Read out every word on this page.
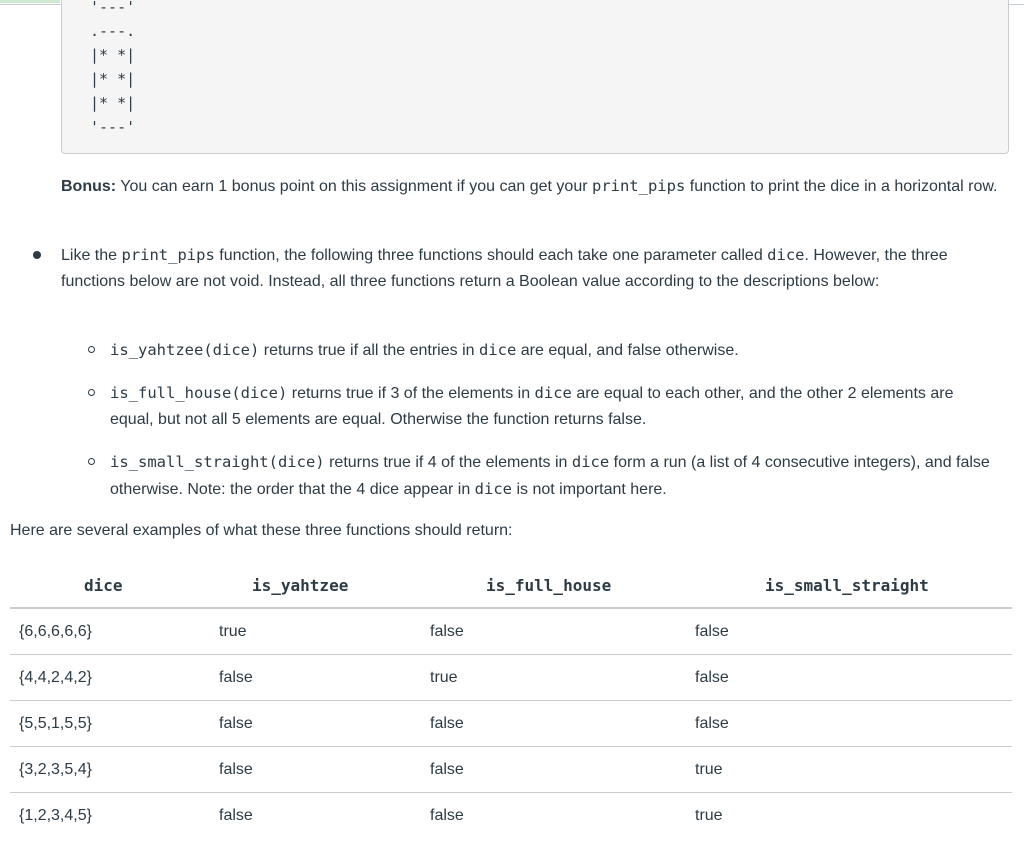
'---'
.---.
|* *|
|* *|
|* *|
'---'

Bonus: You can earn 1 bonus point on this assignment if you can get your print_pips function to print the dice in a horizontal row.

Like the print_pips function, the following three functions should each take one parameter called dice. However, the three functions below are not void. Instead, all three functions return a Boolean value according to the descriptions below:
is_yahtzee(dice) returns true if all the entries in dice are equal, and false otherwise.
is_full_house(dice) returns true if 3 of the elements in dice are equal to each other, and the other 2 elements are equal, but not all 5 elements are equal. Otherwise the function returns false.
is_small_straight(dice) returns true if 4 of the elements in dice form a run (a list of 4 consecutive integers), and false otherwise. Note: the order that the 4 dice appear in dice is not important here.

Here are several examples of what these three functions should return:

dice	is_yahtzee	is_full_house	is_small_straight
{6,6,6,6,6}	true	false	false
{4,4,2,4,2}	false	true	false
{5,5,1,5,5}	false	false	false
{3,2,3,5,4}	false	false	true
{1,2,3,4,5}	false	false	true
